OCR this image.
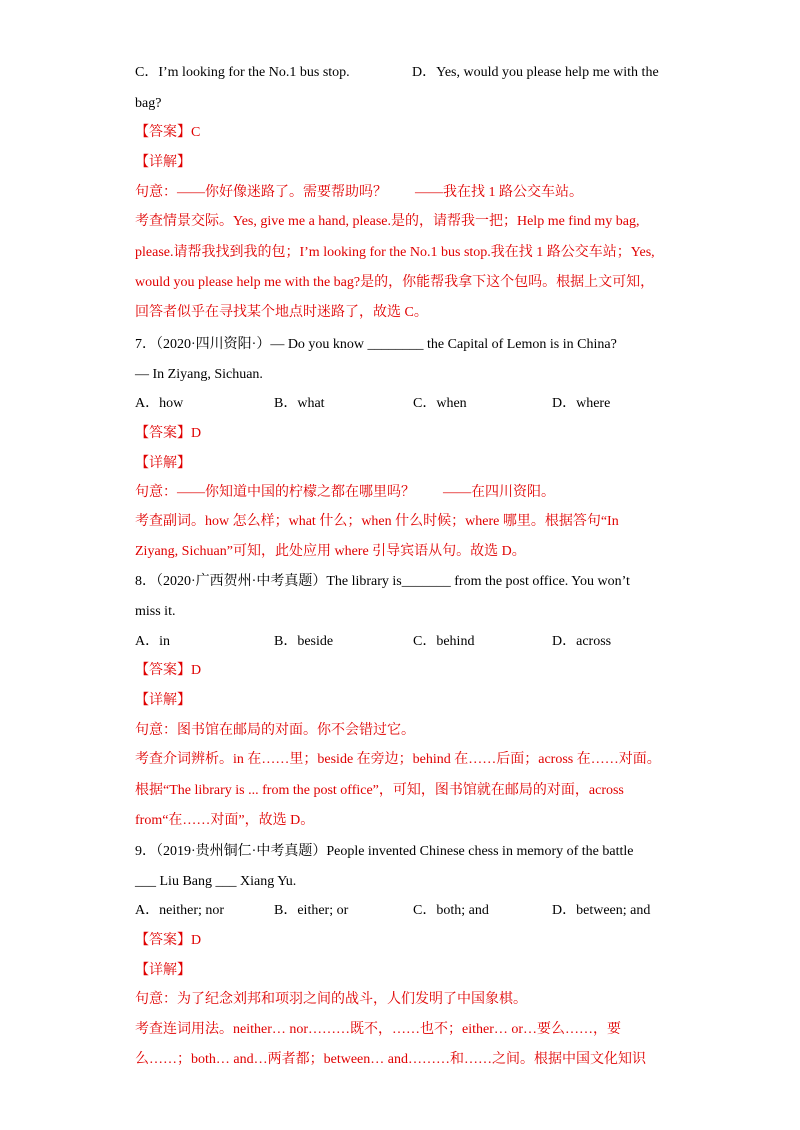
C．I’m looking for the No.1 bus stop.	D．Yes, would you please help me with the
bag?
【答案】C
【详解】
句意：——你好像迷路了。需要帮助吗？　　——我在找 1 路公交车站。
考查情景交际。Yes, give me a hand, please.是的，请帮我一把；Help me find my bag,
please.请帮我找到我的包；I’m looking for the No.1 bus stop.我在找 1 路公交车站；Yes,
would you please help me with the bag?是的，你能帮我拿下这个包吗。根据上文可知，
回答者似乎在寻找某个地点时迷路了，故选 C。
7．（2020·四川资阳·）— Do you know ________ the Capital of Lemon is in China?
— In Ziyang, Sichuan.
A．how	B．what	C．when	D．where
【答案】D
【详解】
句意：——你知道中国的柠檬之都在哪里吗？　　——在四川资阳。
考查副词。how 怎么样；what 什么；when 什么时候；where 哪里。根据答句“In
Ziyang, Sichuan”可知，此处应用 where 引导宾语从句。故选 D。
8．（2020·广西贺州·中考真题）The library is_______ from the post office. You won’t
miss it.
A．in	B．beside	C．behind	D．across
【答案】D
【详解】
句意：图书馆在邮局的对面。你不会错过它。
考查介词辨析。in 在……里；beside 在旁边；behind 在……后面；across 在……对面。
根据“The library is ... from the post office”，可知，图书馆就在邮局的对面，across
from“在……对面”，故选 D。
9．（2019·贵州铜仁·中考真题）People invented Chinese chess in memory of the battle
___ Liu Bang ___ Xiang Yu.
A．neither; nor	B．either; or	C．both; and	D．between; and
【答案】D
【详解】
句意：为了纪念刘邦和项羽之间的战斗，人们发明了中国象棋。
考查连词用法。neither… nor………既不，……也不；either… or…要么……，要
么……；both… and…两者都；between… and………和……之间。根据中国文化知识
